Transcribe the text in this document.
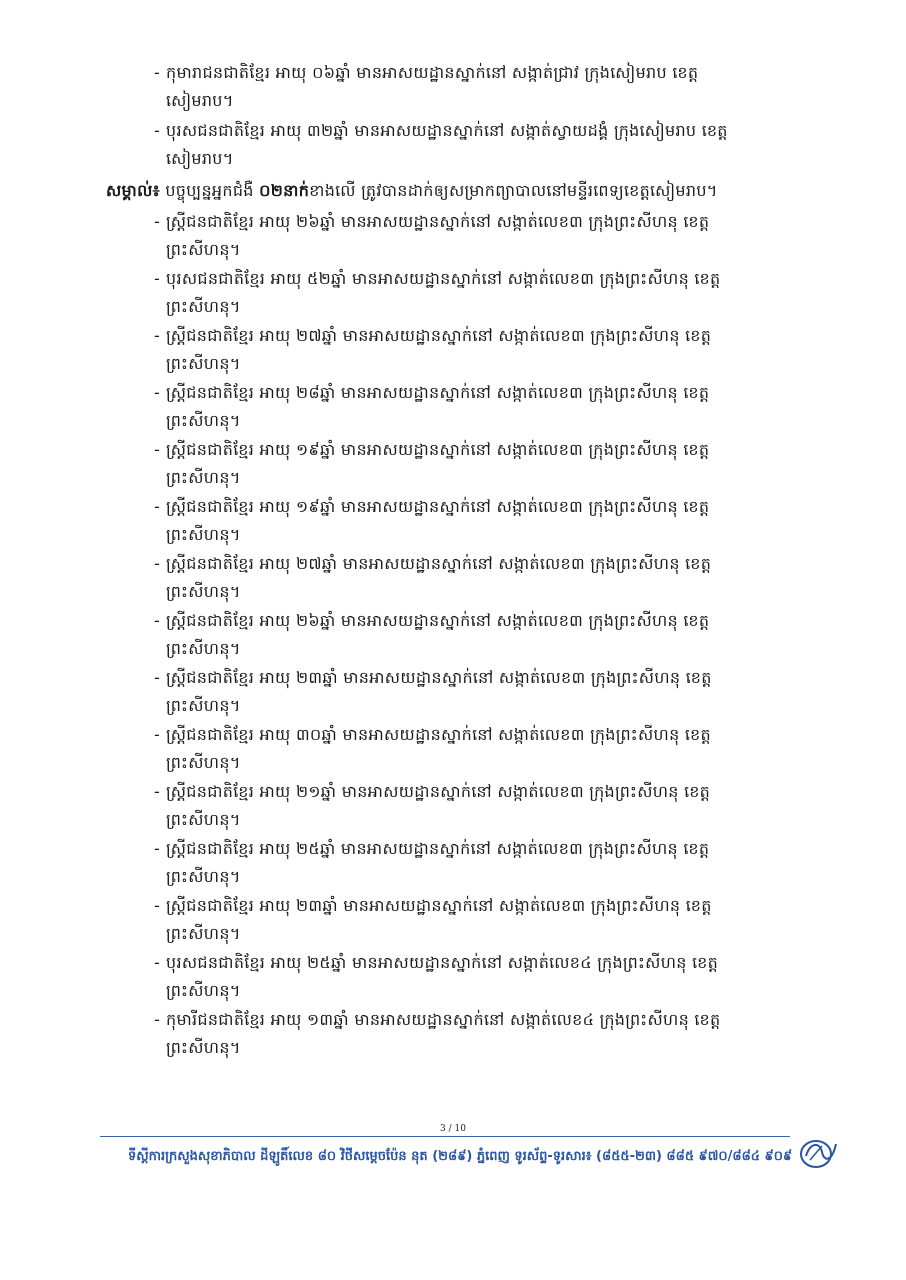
- កុមារាជនជាតិខ្មែរ អាយុ ០៦ឆ្នាំ មានអាសយដ្ឋានស្នាក់នៅ សង្កាត់ជ្រាវ ក្រុងសៀមរាប ខេត្ត
សៀមរាប។
- បុរសជនជាតិខ្មែរ អាយុ ៣២ឆ្នាំ មានអាសយដ្ឋានស្នាក់នៅ សង្កាត់ស្វាយដង្គំ ក្រុងសៀមរាប ខេត្ត
សៀមរាប។
សម្គាល់៖ បច្ចុប្បន្នអ្នកជំងឺ ០២នាក់ខាងលើ ត្រូវបានដាក់ឲ្យសម្រាកព្យាបាលនៅមន្ទីរពេទ្យខេត្តសៀមរាប។
- ស្ត្រីជនជាតិខ្មែរ អាយុ ២៦ឆ្នាំ មានអាសយដ្ឋានស្នាក់នៅ សង្កាត់លេខ៣ ក្រុងព្រះសីហនុ ខេត្ត
ព្រះសីហនុ។
- បុរសជនជាតិខ្មែរ អាយុ ៥២ឆ្នាំ មានអាសយដ្ឋានស្នាក់នៅ សង្កាត់លេខ៣ ក្រុងព្រះសីហនុ ខេត្ត
ព្រះសីហនុ។
- ស្ត្រីជនជាតិខ្មែរ អាយុ ២៧ឆ្នាំ មានអាសយដ្ឋានស្នាក់នៅ សង្កាត់លេខ៣ ក្រុងព្រះសីហនុ ខេត្ត
ព្រះសីហនុ។
- ស្ត្រីជនជាតិខ្មែរ អាយុ ២៨ឆ្នាំ មានអាសយដ្ឋានស្នាក់នៅ សង្កាត់លេខ៣ ក្រុងព្រះសីហនុ ខេត្ត
ព្រះសីហនុ។
- ស្ត្រីជនជាតិខ្មែរ អាយុ ១៩ឆ្នាំ មានអាសយដ្ឋានស្នាក់នៅ សង្កាត់លេខ៣ ក្រុងព្រះសីហនុ ខេត្ត
ព្រះសីហនុ។
- ស្ត្រីជនជាតិខ្មែរ អាយុ ១៩ឆ្នាំ មានអាសយដ្ឋានស្នាក់នៅ សង្កាត់លេខ៣ ក្រុងព្រះសីហនុ ខេត្ត
ព្រះសីហនុ។
- ស្ត្រីជនជាតិខ្មែរ អាយុ ២៧ឆ្នាំ មានអាសយដ្ឋានស្នាក់នៅ សង្កាត់លេខ៣ ក្រុងព្រះសីហនុ ខេត្ត
ព្រះសីហនុ។
- ស្ត្រីជនជាតិខ្មែរ អាយុ ២៦ឆ្នាំ មានអាសយដ្ឋានស្នាក់នៅ សង្កាត់លេខ៣ ក្រុងព្រះសីហនុ ខេត្ត
ព្រះសីហនុ។
- ស្ត្រីជនជាតិខ្មែរ អាយុ ២៣ឆ្នាំ មានអាសយដ្ឋានស្នាក់នៅ សង្កាត់លេខ៣ ក្រុងព្រះសីហនុ ខេត្ត
ព្រះសីហនុ។
- ស្ត្រីជនជាតិខ្មែរ អាយុ ៣០ឆ្នាំ មានអាសយដ្ឋានស្នាក់នៅ សង្កាត់លេខ៣ ក្រុងព្រះសីហនុ ខេត្ត
ព្រះសីហនុ។
- ស្ត្រីជនជាតិខ្មែរ អាយុ ២១ឆ្នាំ មានអាសយដ្ឋានស្នាក់នៅ សង្កាត់លេខ៣ ក្រុងព្រះសីហនុ ខេត្ត
ព្រះសីហនុ។
- ស្ត្រីជនជាតិខ្មែរ អាយុ ២៥ឆ្នាំ មានអាសយដ្ឋានស្នាក់នៅ សង្កាត់លេខ៣ ក្រុងព្រះសីហនុ ខេត្ត
ព្រះសីហនុ។
- ស្ត្រីជនជាតិខ្មែរ អាយុ ២៣ឆ្នាំ មានអាសយដ្ឋានស្នាក់នៅ សង្កាត់លេខ៣ ក្រុងព្រះសីហនុ ខេត្ត
ព្រះសីហនុ។
- បុរសជនជាតិខ្មែរ អាយុ ២៥ឆ្នាំ មានអាសយដ្ឋានស្នាក់នៅ សង្កាត់លេខ៤ ក្រុងព្រះសីហនុ ខេត្ត
ព្រះសីហនុ។
- កុមារីជនជាតិខ្មែរ អាយុ ១៣ឆ្នាំ មានអាសយដ្ឋានស្នាក់នៅ សង្កាត់លេខ៤ ក្រុងព្រះសីហនុ ខេត្ត
ព្រះសីហនុ។
3 / 10
ទីស្តីការក្រសួងសុខាភិបាល ដីឡូតិ៍លេខ ៨០ វិថីសម្តេចប៉ែន នុត (២៨៩) ភ្នំពេញ ទូរស័ព្ទ-ទូរសារ៖ (៨៥៥-២៣) ៨៨៥ ៩៧០/៨៨៤ ៩០៩
